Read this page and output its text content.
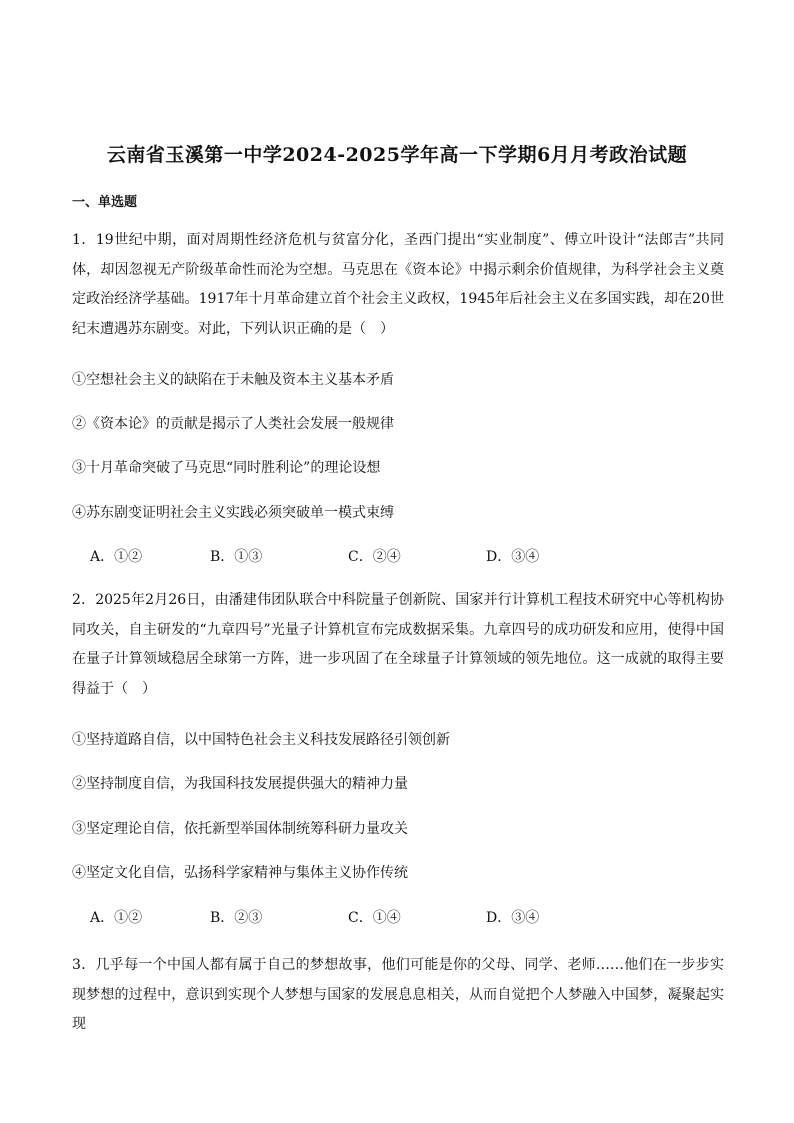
云南省玉溪第一中学2024-2025学年高一下学期6月月考政治试题
一、单选题
1．19世纪中期，面对周期性经济危机与贫富分化，圣西门提出“实业制度”、傅立叶设计“法郎吉”共同体，却因忽视无产阶级革命性而沦为空想。马克思在《资本论》中揭示剩余价值规律，为科学社会主义奠定政治经济学基础。1917年十月革命建立首个社会主义政权，1945年后社会主义在多国实践，却在20世纪末遭遇苏东剧变。对此，下列认识正确的是（　）
①空想社会主义的缺陷在于未触及资本主义基本矛盾
②《资本论》的贡献是揭示了人类社会发展一般规律
③十月革命突破了马克思“同时胜利论”的理论设想
④苏东剧变证明社会主义实践必须突破单一模式束缚
A．①②	B．①③	C．②④	D．③④
2．2025年2月26日，由潘建伟团队联合中科院量子创新院、国家并行计算机工程技术研究中心等机构协同攻关，自主研发的“九章四号”光量子计算机宣布完成数据采集。九章四号的成功研发和应用，使得中国在量子计算领域稳居全球第一方阵，进一步巩固了在全球量子计算领域的领先地位。这一成就的取得主要得益于（　）
①坚持道路自信，以中国特色社会主义科技发展路径引领创新
②坚持制度自信，为我国科技发展提供强大的精神力量
③坚定理论自信，依托新型举国体制统筹科研力量攻关
④坚定文化自信，弘扬科学家精神与集体主义协作传统
A．①②	B．②③	C．①④	D．③④
3．几乎每一个中国人都有属于自己的梦想故事，他们可能是你的父母、同学、老师……他们在一步步实现梦想的过程中，意识到实现个人梦想与国家的发展息息相关，从而自觉把个人梦融入中国梦，凝聚起实现
